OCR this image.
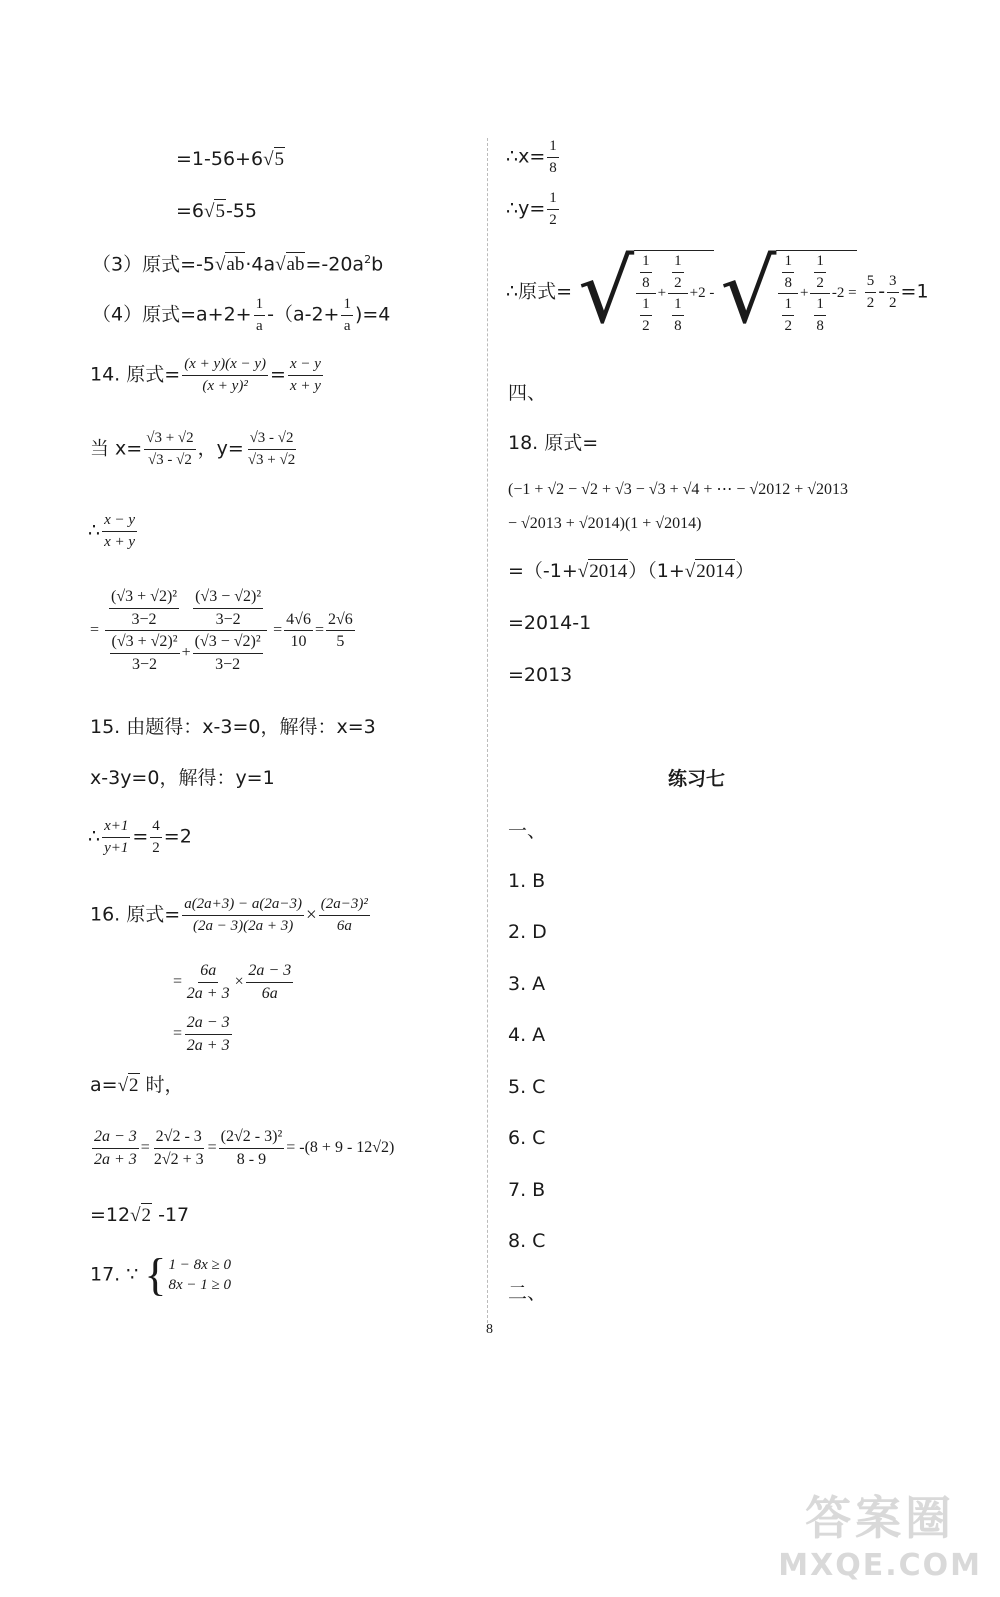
=1-56+6√5
=6√5-55
（3）原式$=-5√ab\cdot 4a√ab=-20a^2b$
（4）原式$=a+2+ \frac{1}{a} -(a-2+ \frac{1}{a} )=4$
14. 原式= $\frac{(x + y)(x - y)}{\text{(x + y)²}} = \frac{x - y}{x + y}$
当 $x= \frac{√3 + √2}{√3 - √2}$ ，$y= \frac{√3 - √2}{√3 + √2}$
∴ $\frac{x - y}{x + y}$
= $\frac{\frac{\text{(√3 + √2)²}}{3-2} \frac{\text{(√3 − √2)²}}{3-2}}{\frac{\text{(√3 + √2)²}}{3-2} + \frac{\text{(√3 − √2)²}}{3-2}} = \frac{4√6}{10} = \frac{2√6}{5}$
15. 由题得：x-3=0，解得：x=3
x-3y=0，解得：y=1
∴ $\frac{x+1}{y+1} = \frac{4}{2} =2$
16. 原式= $\frac{a(2a+3) - a(2a-3)}{(2a - 3)(2a + 3)} \times \frac{\text{(2a−3)²}}{6a}$
= $\frac{6a}{2a + 3} \times \frac{2a - 3}{6a}$
= $\frac{2a - 3}{2a + 3}$
a=√2 时，
$\frac{2a - 3}{2a + 3} = \frac{2√2 - 3}{2√2 + 3} = \frac{\text{(2√2 - 3)²}}{8 - 9} = -(8 + 9 - 12√2)$
=12√2 -17
17. ∵ { 1 − 8x ≥ 0
8x − 1 ≥ 0
∴x= $\frac{1}{8}$
∴y= $\frac{1}{2}$
∴原式= √ $\frac{\frac{1}{8}}{\frac{1}{2}} + \frac{\frac{1}{2}}{\frac{1}{8}} +2$ -
√ $\frac{\frac{1}{8}}{\frac{1}{2}} + \frac{\frac{1}{2}}{\frac{1}{8}} -2$ =
$\frac{5}{2} - \frac{3}{2} =1$
四、
18. 原式=
(−1 + √2 − √2 + √3 − √3 + √4 + ⋯ − √2012 + √2013
− √2013 + √2014)(1 + √2014)
=（-1+√2014）（1+√2014）
=2014-1
=2013
练习七
一、
1. B
2. D
3. A
4. A
5. C
6. C
7. B
8. C
二、
8
答案圈
MXQE.COM
